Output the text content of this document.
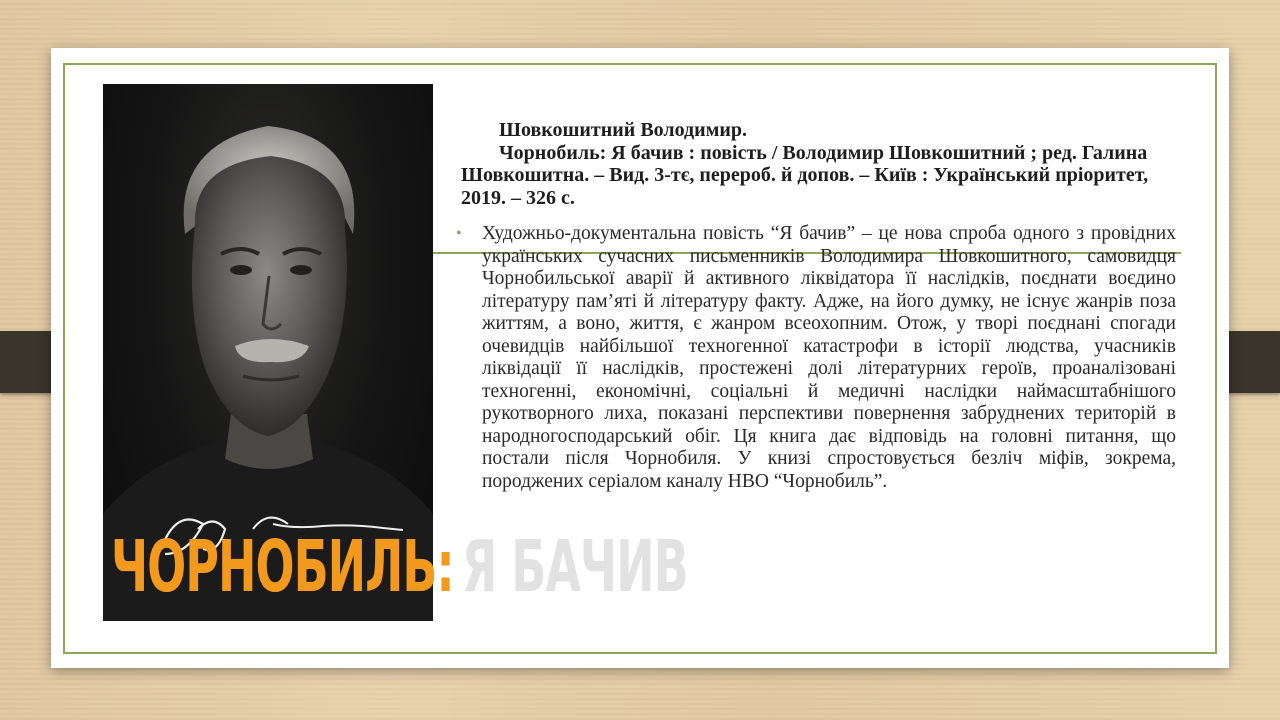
ЧОРНОБИЛЬ: Я БАЧИВ
Шовкошитний Володимир.
Чорнобиль: Я бачив : повість / Володимир Шовкошитний ; ред. Галина Шовкошитна. – Вид. 3-тє, перероб. й допов. – Київ : Український пріоритет, 2019. – 326 с.
•	Художньо-документальна повість “Я бачив” – це нова спроба одного з провідних українських сучасних письменників Володимира Шовкошитного, самовидця Чорнобильської аварії й активного ліквідатора її наслідків, поєднати воєдино літературу пам’яті й літературу факту. Адже, на його думку, не існує жанрів поза життям, а воно, життя, є жанром всеохопним. Отож, у творі поєднані спогади очевидців найбільшої техногенної катастрофи в історії людства, учасників ліквідації її наслідків, простежені долі літературних героїв, проаналізовані техногенні, економічні, соціальні й медичні наслідки наймасштабнішого рукотворного лиха, показані перспективи повернення забруднених територій в народногосподарський обіг. Ця книга дає відповідь на головні питання, що постали після Чорнобиля. У книзі спростовується безліч міфів, зокрема, породжених серіалом каналу HBO “Чорнобиль”.
